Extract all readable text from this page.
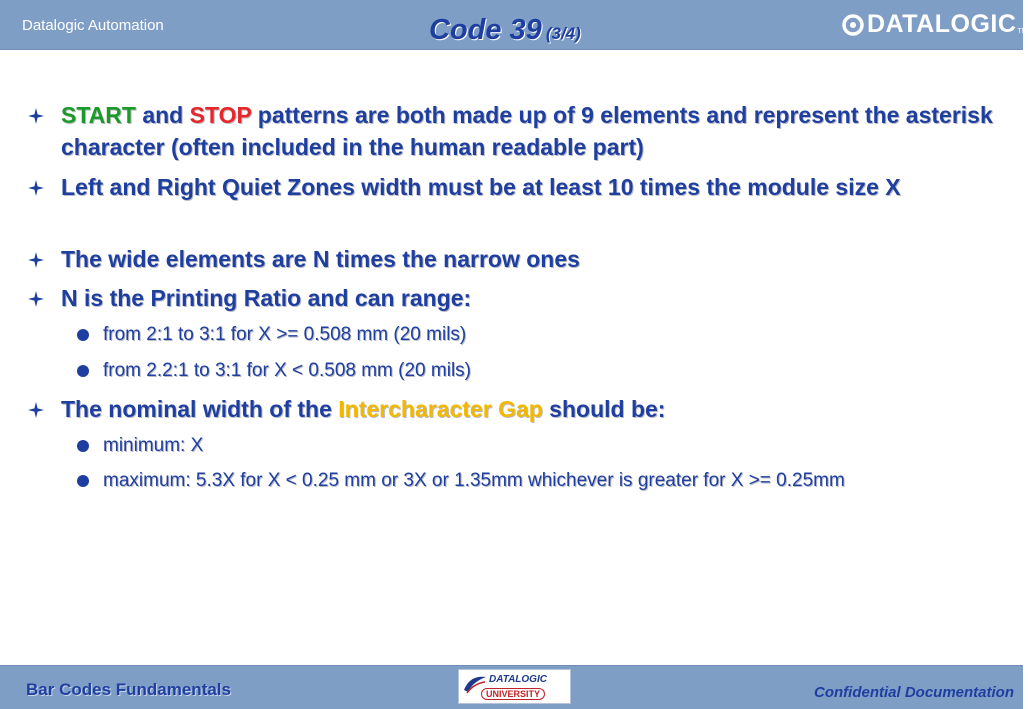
Datalogic Automation	Code 39 (3/4)	DATALOGIC TM
START and STOP patterns are both made up of 9 elements and represent the asterisk character (often included in the human readable part)
Left and Right Quiet Zones width must be at least 10 times the module size X
The wide elements are N times the narrow ones
N is the Printing Ratio and can range:
from 2:1 to 3:1 for X >= 0.508 mm (20 mils)
from 2.2:1 to 3:1 for X < 0.508 mm (20 mils)
The nominal width of the Intercharacter Gap should be:
minimum: X
maximum: 5.3X for X < 0.25 mm or 3X or 1.35mm whichever is greater for X >= 0.25mm
Bar Codes Fundamentals
DATALOGIC
UNIVERSITY	Confidential Documentation
